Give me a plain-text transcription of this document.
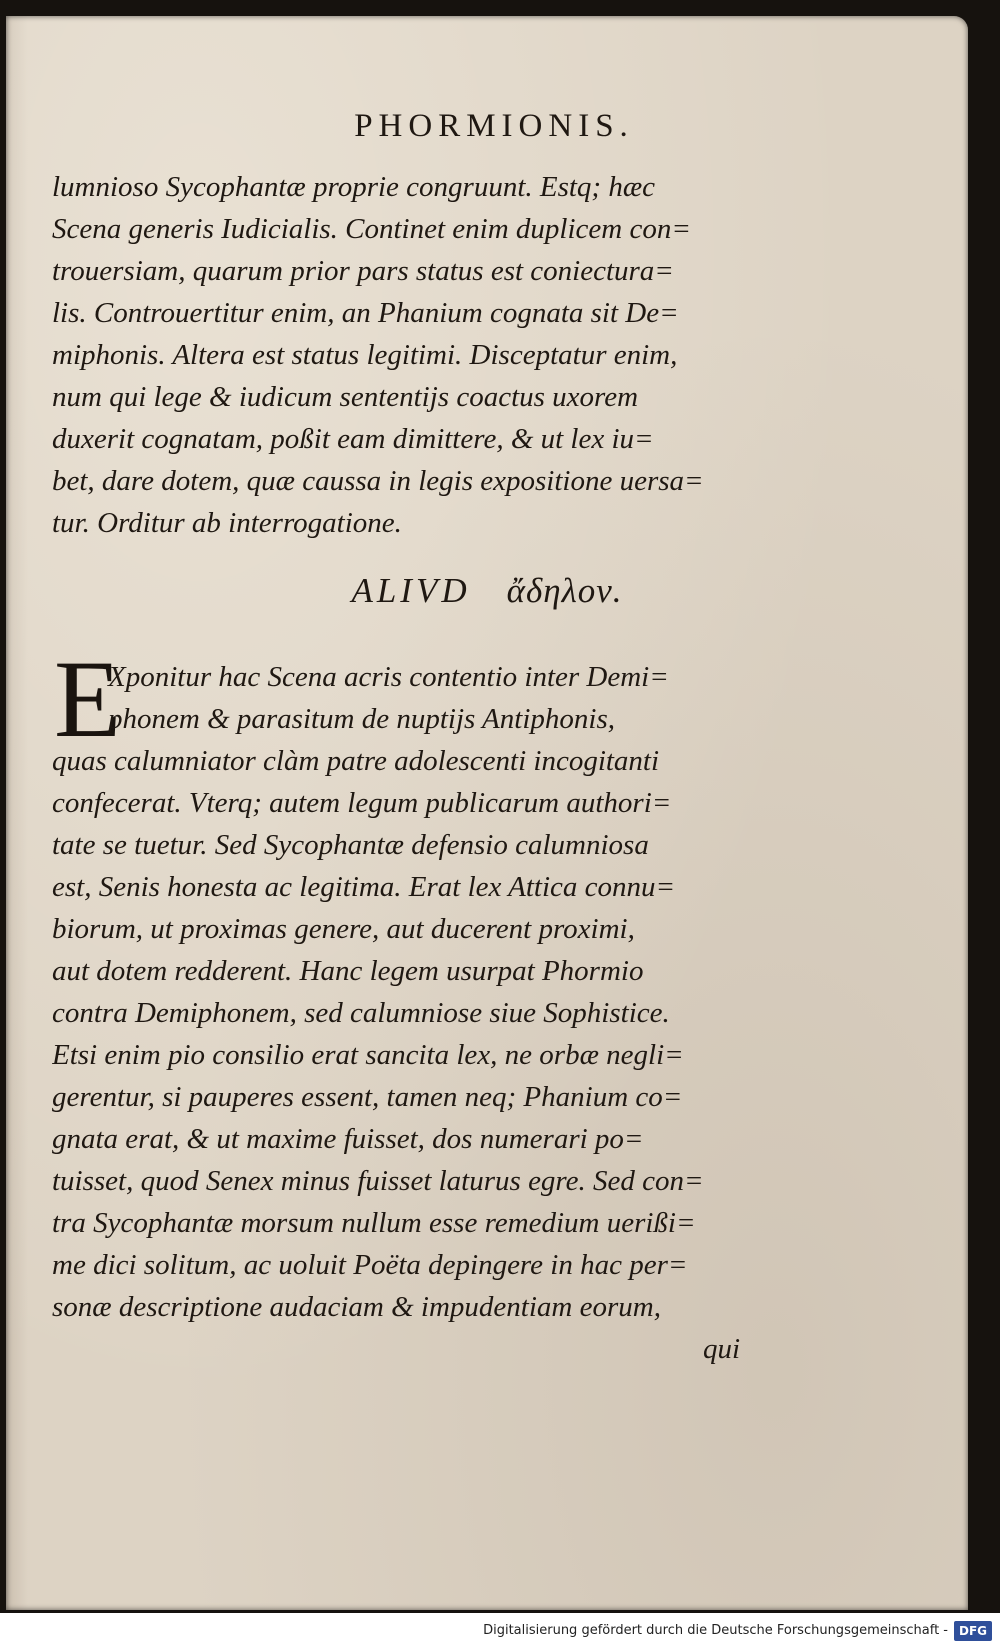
PHORMIONIS.
lumnioso Sycophantæ proprie congruunt. Estq; hæc
Scena generis Iudicialis. Continet enim duplicem con=
trouersiam, quarum prior pars status est coniectura=
lis. Controuertitur enim, an Phanium cognata sit De=
miphonis. Altera est status legitimi. Disceptatur enim,
num qui lege & iudicum sententijs coactus uxorem
duxerit cognatam, poßit eam dimittere, & ut lex iu=
bet, dare dotem, quæ caussa in legis expositione uersa=
tur. Orditur ab interrogatione.
ALIVD ἄδηλον.
E
Xponitur hac Scena acris contentio inter Demi=
phonem & parasitum de nuptijs Antiphonis,
quas calumniator clàm patre adolescenti incogitanti
confecerat. Vterq; autem legum publicarum authori=
tate se tuetur. Sed Sycophantæ defensio calumniosa
est, Senis honesta ac legitima. Erat lex Attica connu=
biorum, ut proximas genere, aut ducerent proximi,
aut dotem redderent. Hanc legem usurpat Phormio
contra Demiphonem, sed calumniose siue Sophistice.
Etsi enim pio consilio erat sancita lex, ne orbæ negli=
gerentur, si pauperes essent, tamen neq; Phanium co=
gnata erat, & ut maxime fuisset, dos numerari po=
tuisset, quod Senex minus fuisset laturus egre. Sed con=
tra Sycophantæ morsum nullum esse remedium uerißi=
me dici solitum, ac uoluit Poëta depingere in hac per=
sonæ descriptione audaciam & impudentiam eorum,
qui
Digitalisierung gefördert durch die Deutsche Forschungsgemeinschaft - DFG
